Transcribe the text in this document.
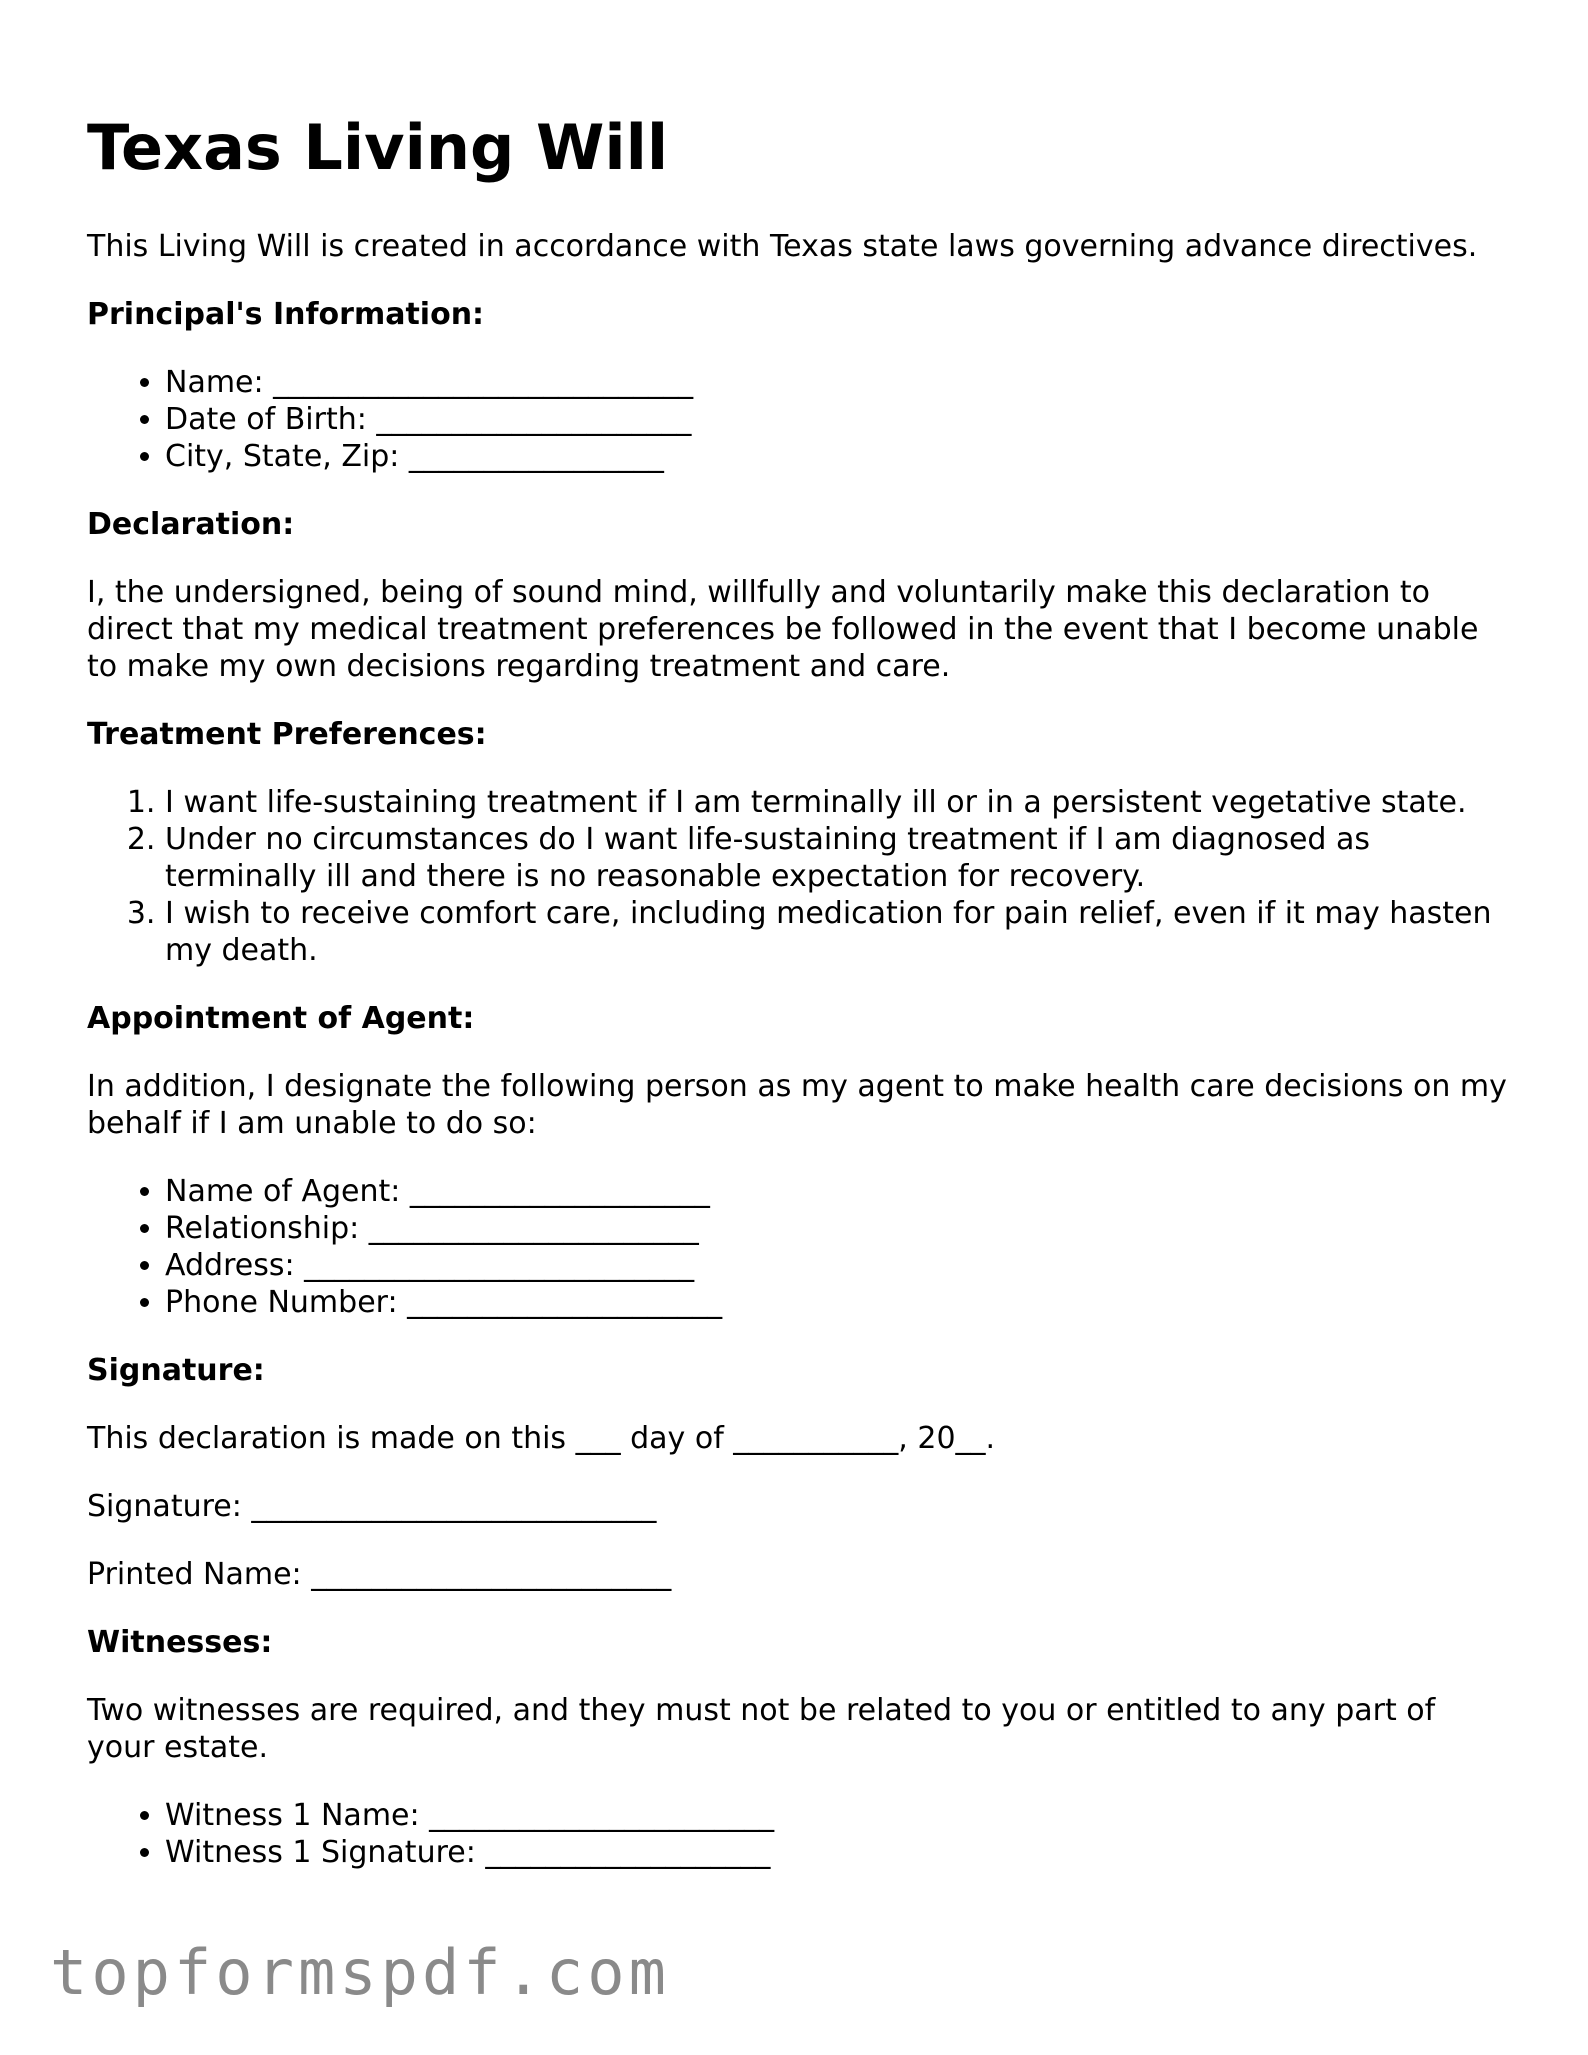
Texas Living Will

This Living Will is created in accordance with Texas state laws governing advance directives.

Principal's Information:
• Name: ____________________________
• Date of Birth: _____________________
• City, State, Zip: _________________
Declaration:

I, the undersigned, being of sound mind, willfully and voluntarily make this declaration to direct that my medical treatment preferences be followed in the event that I become unable to make my own decisions regarding treatment and care.

Treatment Preferences:
1. I want life-sustaining treatment if I am terminally ill or in a persistent vegetative state.
2. Under no circumstances do I want life-sustaining treatment if I am diagnosed as terminally ill and there is no reasonable expectation for recovery.
3. I wish to receive comfort care, including medication for pain relief, even if it may hasten my death.
Appointment of Agent:

In addition, I designate the following person as my agent to make health care decisions on my behalf if I am unable to do so:

• Name of Agent: ____________________
• Relationship: ______________________
• Address: __________________________
• Phone Number: _____________________
Signature:

This declaration is made on this ___ day of ___________, 20__.

Signature: ___________________________

Printed Name: ________________________

Witnesses:

Two witnesses are required, and they must not be related to you or entitled to any part of your estate.

• Witness 1 Name: _______________________
• Witness 1 Signature: ___________________
topformspdf.com
